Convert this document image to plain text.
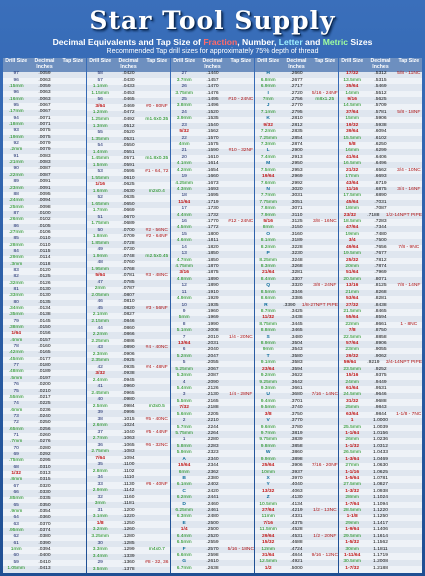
Star Tool Supply
Decimal Equivalents and Tap Size of Fraction, Number, Letter and Metric Sizes
Recommended Tap drill sizes for approximately 75% depth of thread
Drill Size	Decimal Inches
Tap Size
97	.0059
96	.0063
.15mm	.0059
96	.0063
.16mm	.0063
95	.0067
.17mm	.0067
94	.0071
.18mm	.0071
93	.0075
.19mm	.0075
92	.0079
.2mm	.0079
91	.0083
.21mm	.0083
90	.0087
.22mm	.0087
89	.0091
.23mm	.0091
88	.0095
.24mm	.0094
.25mm	.0098
87	.0100
.26mm	.0102
86	.0105
.27mm	.0106
85	.0110
.28mm	.0110
84	.0115
.29mm	.0114
.3mm	.0118
83	.0120
82	.0125
.32mm	.0126
81	.0130
.33mm	.0130
80	.0135
.34mm	.0134
.35mm	.0138
79	.0145
.38mm	.0150
1/64	.0156
.4mm	.0157
78	.0160
.42mm	.0165
.45mm	.0177
77	.0180
.48mm	.0189
.5mm	.0197
76	.0200
75	.0210
.55mm	.0217
74	.0225
.6mm	.0236
73	.0240
72	.0250
.65mm	.0256
71	.0260
.7mm	.0276
70	.0280
69	.0292
.75mm	.0295
68	.0310
1/32	.0313
.8mm	.0315
67	.0320
66	.0330
.85mm	.0335
65	.0350
.9mm	.0354
64	.0360
63	.0370
.95mm	.0374
62	.0380
61	.0390
1mm	.0394
60	.0400
59	.0410
1.05mm	.0413
Drill Size	Decimal Inches
Tap Size
58	.0420
57	.0430
1.1mm	.0433
1.15mm	.0453
56	.0465
3/64	.0469	#0 - 80NF
1.2mm	.0472
1.25mm	.0492	m1.6x0.35
1.3mm	.0512
55	.0520
1.35mm	.0531
54	.0550
1.4mm	.0551
1.45mm	.0571	m1.8x0.35
1.5mm	.0591
53	.0595	#1 - 64, 72
1.55mm	.0610
1/16	.0625
1.6mm	.0630	m2x0.4
52	.0635
1.65mm	.0650
1.7mm	.0669
51	.0670
1.75mm	.0689
50	.0700	#2 - 56NC
1.8mm	.0709	#2 - 64NF
1.85mm	.0728
49	.0730
1.9mm	.0748	m2.5x0.45
48	.0760
1.95mm	.0768
5/64	.0781	#3 - 48NC
47	.0785
2mm	.0787
2.05mm	.0807
46	.0810
45	.0820	#3 - 56NF
2.1mm	.0827
2.15mm	.0846
44	.0860
2.2mm	.0866
2.25mm	.0886
43	.0890	#4 - 40NC
2.3mm	.0906
2.35mm	.0925
42	.0935	#4 - 48NF
3/32	.0938
2.4mm	.0945
41	.0960
2.45mm	.0965
40	.0980
2.5mm	.0984	m3x0.5
39	.0995
38	.1015	#5 - 40NC
2.6mm	.1024
37	.1040	#5 - 44NF
2.7mm	.1063
36	.1065	#6 - 32NC
2.75mm	.1083
7/64	.1094
35	.1100
2.8mm	.1102
34	.1110
33	.1130	#6 - 40NF
2.9mm	.1142
32	.1160
3mm	.1181
31	.1200
3.1mm	.1220
1/8	.1250
3.2mm	.1260
3.25mm	.1280
30	.1285
3.3mm	.1299	m4x0.7
3.4mm	.1339
29	.1360	#8 - 32, 36
3.5mm	.1378
Drill Size	Decimal Inches
Tap Size
27	.1440
3.7mm	.1457
26	.1470
3.75mm	.1476
25	.1495	#10 - 24NC
3.8mm	.1496
24	.1520
3.9mm	.1535
23	.1540
5/32	.1562
22	.1570
4mm	.1575
21	.1590	#10 - 32NF
20	.1610
4.1mm	.1614
4.2mm	.1654
19	.1660
4.25mm	.1673
4.3mm	.1693
18	.1695
11/64	.1719
17	.1730
4.4mm	.1732
16	.1770	#12 - 24NC
4.5mm	.1772
15	.1800
4.6mm	.1811
14	.1820
13	.1850
4.7mm	.1850
4.75mm	.1870
3/16	.1875
4.8mm	.1890
12	.1890
11	.1910
4.9mm	.1929
10	.1935
9	.1960
5mm	.1969
8	.1990
5.1mm	.2008
7	.2010	1/4 - 20NC
13/64	.2031
6	.2040
5.2mm	.2047
5	.2055
5.25mm	.2067
5.3mm	.2087
4	.2090
5.4mm	.2126
3	.2130	1/4 - 28NF
5.5mm	.2165
7/32	.2188
5.6mm	.2205
2	.2210
5.7mm	.2244
5.75mm	.2264
1	.2280
5.8mm	.2283
5.9mm	.2323
A	.2340
15/64	.2344
6mm	.2362
B	.2380
6.1mm	.2402
C	.2420
6.2mm	.2441
D	.2460
6.25mm	.2461
6.3mm	.2480
E	.2500
1/4	.2500
6.4mm	.2520
6.5mm	.2559
F	.2570	5/16 - 18NC
6.6mm	.2598
G	.2610
6.7mm	.2638
Drill Size	Decimal Inches
Tap Size
H	.2660
6.8mm	.2677
6.9mm	.2717
I	.2720	5/16 - 24NF
7mm	.2756	m8x1.25
J	.2770
7.1mm	.2795
K	.2810
9/32	.2812
7.2mm	.2835
7.25mm	.2854
7.3mm	.2874
L	.2900
7.4mm	.2913
M	.2950
7.5mm	.2953
19/64	.2969
7.6mm	.2992
N	.3020
7.7mm	.3031
7.75mm	.3051
7.8mm	.3071
7.9mm	.3110
5/16	.3125	3/8 - 16NC
8mm	.3150
O	.3160
8.1mm	.3189
8.2mm	.3228
P	.3230
8.25mm	.3248
8.3mm	.3268
21/64	.3281
8.4mm	.3307
Q	.3320	3/8 - 24NF
8.5mm	.3346
8.6mm	.3386
R	.3390	1/8-27NPT PIPE
8.7mm	.3425
11/32	.3438
8.75mm	.3445
8.8mm	.3465
S	.3480
8.9mm	.3504
9mm	.3543
T	.3580
9.1mm	.3583
23/64	.3594
9.2mm	.3622
9.25mm	.3642
9.3mm	.3661
U	.3680	7/16 - 14NC
9.4mm	.3701
9.5mm	.3740
3/8	.3750
V	.3770
9.6mm	.3780
9.7mm	.3819
9.75mm	.3839
9.8mm	.3858
W	.3860
9.9mm	.3898
25/64	.3906	7/16 - 20NF
10mm	.3937
X	.3970
Y	.4040
13/32	.4063
Z	.4130
10.5mm	.4134
27/64	.4219	1/2 - 13NC
11mm	.4331
7/16	.4375
11.5mm	.4528
29/64	.4531	1/2 - 20NF
15/32	.4688
12mm	.4724
31/64	.4844	9/16 - 12NC
12.5mm	.4921
1/2	.5000
Drill Size	Decimal Inches
Tap Size
17/32	.5312	5/8 - 11NC
13.5mm	.5315
35/64	.5469
14mm	.5512
9/16	.5625
14.5mm	.5709
37/64	.5781	5/8 - 18NF
15mm	.5906
19/32	.5938
39/64	.6094
15.5mm	.6102
5/8	.6250
16mm	.6299
41/64	.6406
16.5mm	.6496
21/32	.6562	3/4 - 10NC
17mm	.6693
43/64	.6719
11/16	.6875	3/4 - 16NF
17.5mm	.6890
45/64	.7031
18mm	.7087
23/32	.7188	1/2-14NPT PIPE
18.5mm	.7283
47/64	.7344
19mm	.7480
3/4	.7500
49/64	.7656	7/8 - 9NC
19.5mm	.7677
25/32	.7812
20mm	.7874
51/64	.7969
20.5mm	.8071
13/16	.8125	7/8 - 14NF
21mm	.8268
53/64	.8281
27/32	.8438
21.5mm	.8465
55/64	.8594
22mm	.8661	1 - 8NC
7/8	.8750
22.5mm	.8858
57/64	.8906
23mm	.9055
29/32	.9062
59/64	.9219	3/4-14NPT PIPE
23.5mm	.9252
15/16	.9375
24mm	.9449
61/64	.9531
24.5mm	.9646
31/32	.9688
25mm	.9843
63/64	.9844	1-1/8 - 7NC
1	1.0000
25.5mm	1.0039
1-1/64	1.0156
26mm	1.0236
1-1/32	1.0312
26.5mm	1.0433
1-3/64	1.0469
27mm	1.0630
1-1/16	1.0625
1-5/64	1.0781
27.5mm	1.0827
1-3/32	1.0938
28mm	1.1024
1-7/64	1.1094
28.5mm	1.1220
1-1/8	1.1250
29mm	1.1417
1-9/64	1.1406
29.5mm	1.1614
1-5/32	1.1562
30mm	1.1811
1-11/64	1.1719
30.5mm	1.2008
1-7/32	1.2188
